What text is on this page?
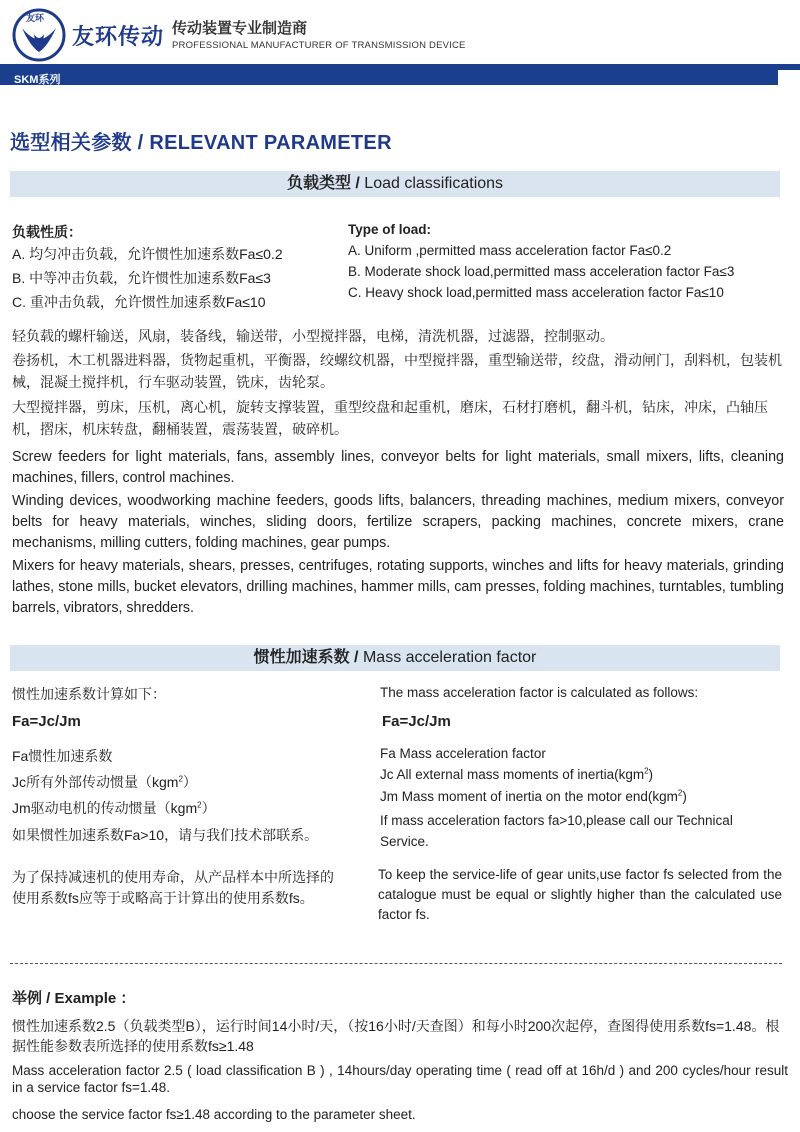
友环
友环传动 传动装置专业制造商
PROFESSIONAL MANUFACTURER OF TRANSMISSION DEVICE
SKM系列
选型相关参数 / RELEVANT PARAMETER
负载类型 / Load classifications
负载性质：
A. 均匀冲击负载，允许惯性加速系数Fa≤0.2
B. 中等冲击负载，允许惯性加速系数Fa≤3
C. 重冲击负载，允许惯性加速系数Fa≤10
Type of load:
A. Uniform ,permitted mass acceleration factor Fa≤0.2
B. Moderate shock load,permitted mass acceleration factor Fa≤3
C. Heavy shock load,permitted mass acceleration factor Fa≤10
轻负载的螺杆输送，风扇，装备线，输送带，小型搅拌器，电梯，清洗机器，过滤器，控制驱动。
卷扬机，木工机器进料器，货物起重机，平衡器，绞螺纹机器，中型搅拌器，重型输送带，绞盘，滑动闸门，刮料机，包装机械，混凝土搅拌机，行车驱动装置，铣床，齿轮泵。
大型搅拌器，剪床，压机，离心机，旋转支撑装置，重型绞盘和起重机，磨床，石材打磨机，翻斗机，钻床，冲床，凸轴压机，摺床，机床转盘，翻桶装置，震荡装置，破碎机。
Screw feeders for light materials, fans, assembly lines, conveyor belts for light materials, small mixers, lifts, cleaning machines, fillers, control machines.
Winding devices, woodworking machine feeders, goods lifts, balancers, threading machines, medium mixers, conveyor belts for heavy materials, winches, sliding doors, fertilize scrapers, packing machines, concrete mixers, crane mechanisms, milling cutters, folding machines, gear pumps.
Mixers for heavy materials, shears, presses, centrifuges, rotating supports, winches and lifts for heavy materials, grinding lathes, stone mills, bucket elevators, drilling machines, hammer mills, cam presses, folding machines, turntables, tumbling barrels, vibrators, shredders.
惯性加速系数 / Mass acceleration factor
惯性加速系数计算如下：
Fa=Jc/Jm
Fa惯性加速系数
Jc所有外部传动惯量（kgm$^2$）
Jm驱动电机的传动惯量（kgm$^2$）
如果惯性加速系数Fa>10，请与我们技术部联系。
为了保持减速机的使用寿命，从产品样本中所选择的使用系数fs应等于或略高于计算出的使用系数fs。
The mass acceleration factor is calculated as follows:
Fa=Jc/Jm
Fa Mass acceleration factor
Jc All external mass moments of inertia(kgm$^2$)
Jm Mass moment of inertia on the motor end(kgm$^2$)
If mass acceleration factors fa>10,please call our Technical Service.
To keep the service-life of gear units,use factor fs selected from the catalogue must be equal or slightly higher than the calculated use factor fs.
举例 / Example ：
惯性加速系数2.5（负载类型B），运行时间14小时/天，（按16小时/天查图）和每小时200次起停，查图得使用系数fs=1.48。根据性能参数表所选择的使用系数fs≥1.48
Mass acceleration factor 2.5 ( load classification B ) , 14hours/day operating time ( read off at 16h/d ) and 200 cycles/hour result in a service factor fs=1.48.
choose the service factor fs≥1.48 according to the parameter sheet.
